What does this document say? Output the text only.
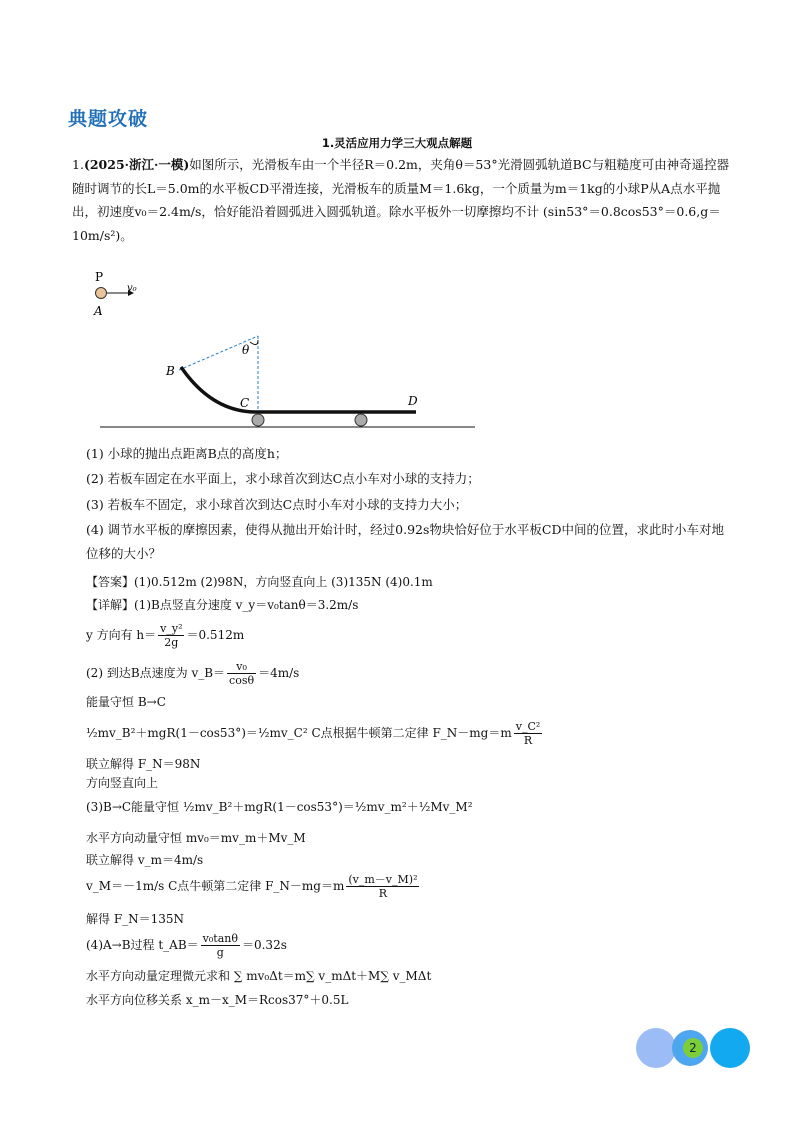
典题攻破
1.灵活应用力学三大观点解题
1.(2025·浙江·一模)如图所示，光滑板车由一个半径R＝0.2m，夹角θ＝53°光滑圆弧轨道BC与粗糙度可由神奇遥控器随时调节的长L＝5.0m的水平板CD平滑连接，光滑板车的质量M＝1.6kg，一个质量为m＝1kg的小球P从A点水平抛出，初速度v₀＝2.4m/s，恰好能沿着圆弧进入圆弧轨道。除水平板外一切摩擦均不计 (sin53°＝0.8cos53°＝0.6,g＝10m/s²)。
P
v₀
A
θ
B
C	D
(1) 小球的抛出点距离B点的高度h；
(2) 若板车固定在水平面上，求小球首次到达C点小车对小球的支持力；
(3) 若板车不固定，求小球首次到达C点时小车对小球的支持力大小；
(4) 调节水平板的摩擦因素，使得从抛出开始计时，经过0.92s物块恰好位于水平板CD中间的位置，求此时小车对地位移的大小？
【答案】(1)0.512m (2)98N，方向竖直向上 (3)135N (4)0.1m
【详解】(1)B点竖直分速度 v_y＝v₀tanθ＝3.2m/s
y 方向有 $h= \frac{\text{v\_y²}}{2g} =0.512m$
(2) 到达B点速度为 v_B＝ $\frac{\text{v₀}}{\cos\theta} =4m/s$
能量守恒 B→C
½mv_B²＋mgR(1－cos53°)＝½mv_C² C点根据牛顿第二定律 F_N－mg＝m $\frac{\text{v\_C²}}{R}$
联立解得 F_N＝98N
方向竖直向上
(3)B→C能量守恒 ½mv_B²＋mgR(1－cos53°)＝½mv_m²＋½Mv_M²
水平方向动量守恒 mv₀＝mv_m＋Mv_M
联立解得 v_m＝4m/s
v_M＝－1m/s C点牛顿第二定律 F_N－mg＝m $\frac{\text{(v\_m－v\_M)²}}{R}$
解得 F_N＝135N
(4)A→B过程 t_AB＝ $\frac{\text{v₀tanθ}}{g} =0.32s$
水平方向动量定理微元求和 ∑ mv₀Δt＝m∑ v_mΔt＋M∑ v_MΔt
水平方向位移关系 x_m－x_M＝Rcos37°＋0.5L
2
